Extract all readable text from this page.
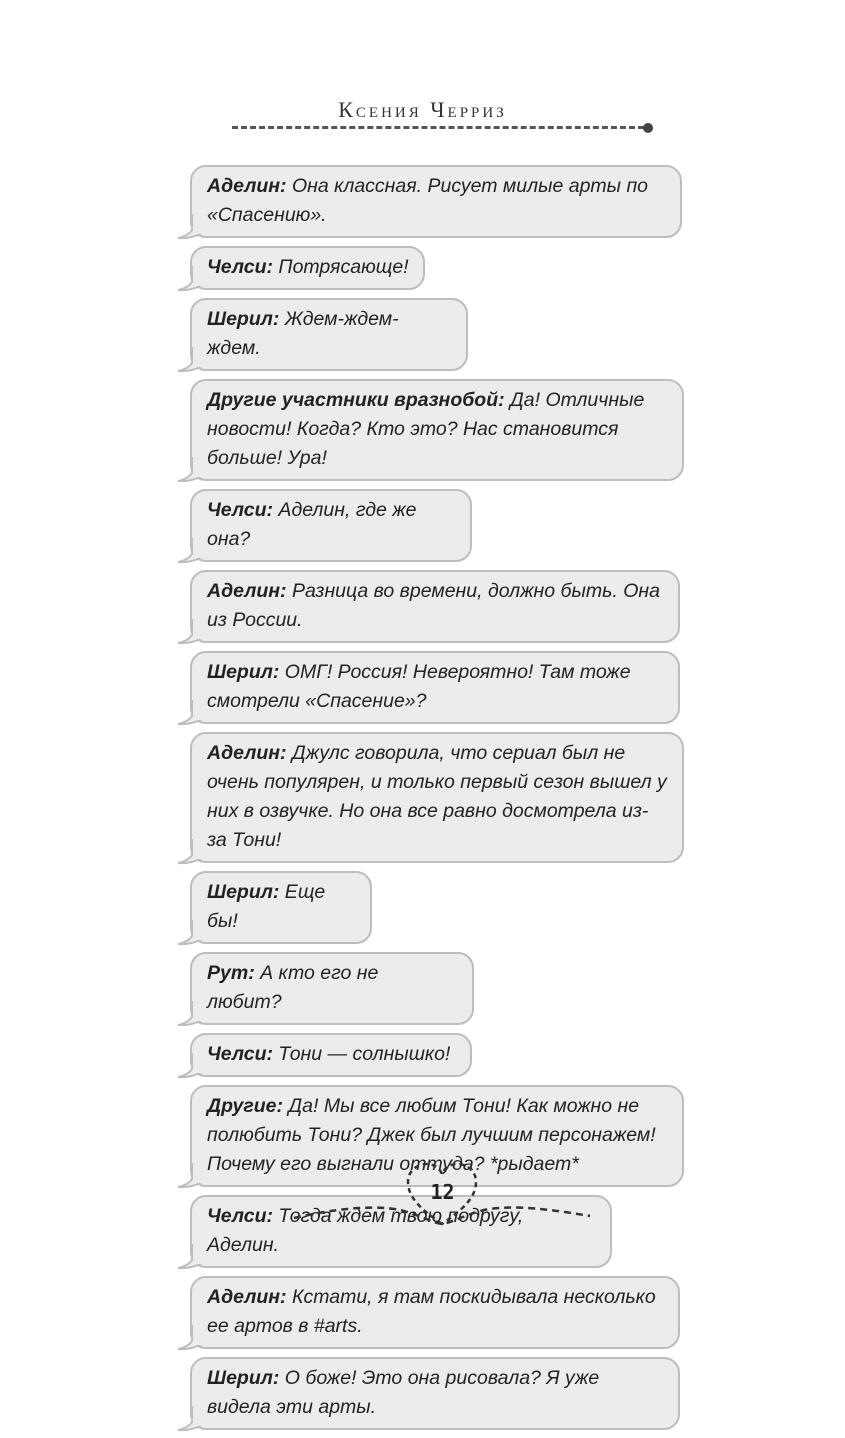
Ксения Черриз
Аделин: Она классная. Рисует милые арты по «Спасению».
Челси: Потрясающе!
Шерил: Ждем-ждем-ждем.
Другие участники вразнобой: Да! Отличные новости! Когда? Кто это? Нас становится больше! Ура!
Челси: Аделин, где же она?
Аделин: Разница во времени, должно быть. Она из России.
Шерил: ОМГ! Россия! Невероятно! Там тоже смотрели «Спасение»?
Аделин: Джулс говорила, что сериал был не очень популярен, и только первый сезон вышел у них в озвучке. Но она все равно досмотрела из-за Тони!
Шерил: Еще бы!
Рут: А кто его не любит?
Челси: Тони — солнышко!
Другие: Да! Мы все любим Тони! Как можно не полюбить Тони? Джек был лучшим персонажем! Почему его выгнали оттуда? *рыдает*
Челси: Тогда ждем твою подругу, Аделин.
Аделин: Кстати, я там поскидывала несколько ее артов в #arts.
Шерил: О боже! Это она рисовала? Я уже видела эти арты.
12
